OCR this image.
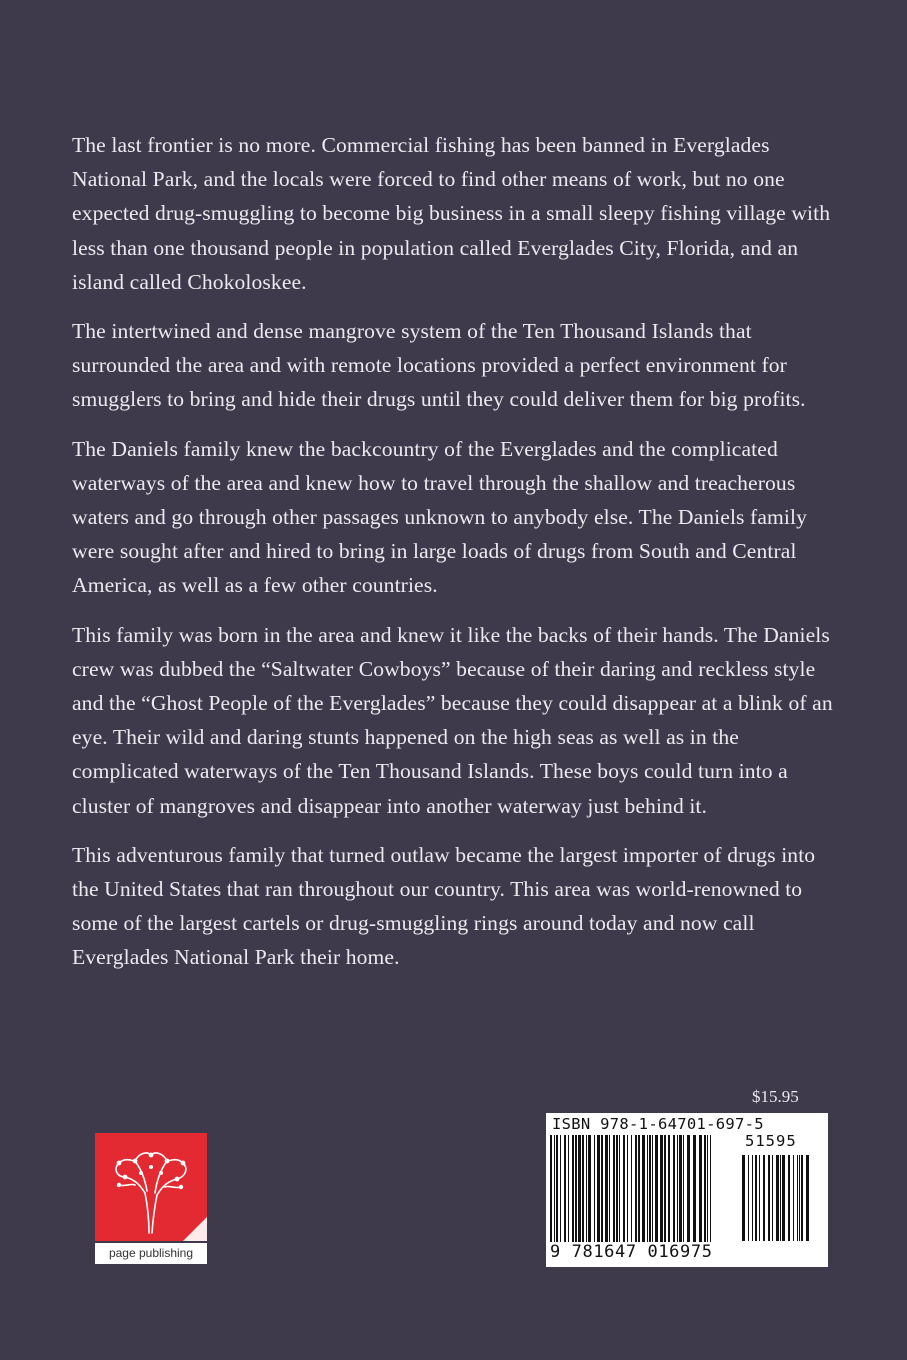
The last frontier is no more. Commercial fishing has been banned in Everglades National Park, and the locals were forced to find other means of work, but no one expected drug-smuggling to become big business in a small sleepy fishing village with less than one thousand people in population called Everglades City, Florida, and an island called Chokoloskee.

The intertwined and dense mangrove system of the Ten Thousand Islands that surrounded the area and with remote locations provided a perfect environment for smugglers to bring and hide their drugs until they could deliver them for big profits.

The Daniels family knew the backcountry of the Everglades and the complicated waterways of the area and knew how to travel through the shallow and treacherous waters and go through other passages unknown to anybody else. The Daniels family were sought after and hired to bring in large loads of drugs from South and Central America, as well as a few other countries.

This family was born in the area and knew it like the backs of their hands. The Daniels crew was dubbed the “Saltwater Cowboys” because of their daring and reckless style and the “Ghost People of the Everglades” because they could disappear at a blink of an eye. Their wild and daring stunts happened on the high seas as well as in the complicated waterways of the Ten Thousand Islands. These boys could turn into a cluster of mangroves and disappear into another waterway just behind it.

This adventurous family that turned outlaw became the largest importer of drugs into the United States that ran throughout our country. This area was world-renowned to some of the largest cartels or drug-smuggling rings around today and now call Everglades National Park their home.

$15.95
ISBN 978-1-64701-697-5
51595
9 781647 016975
page publishing
